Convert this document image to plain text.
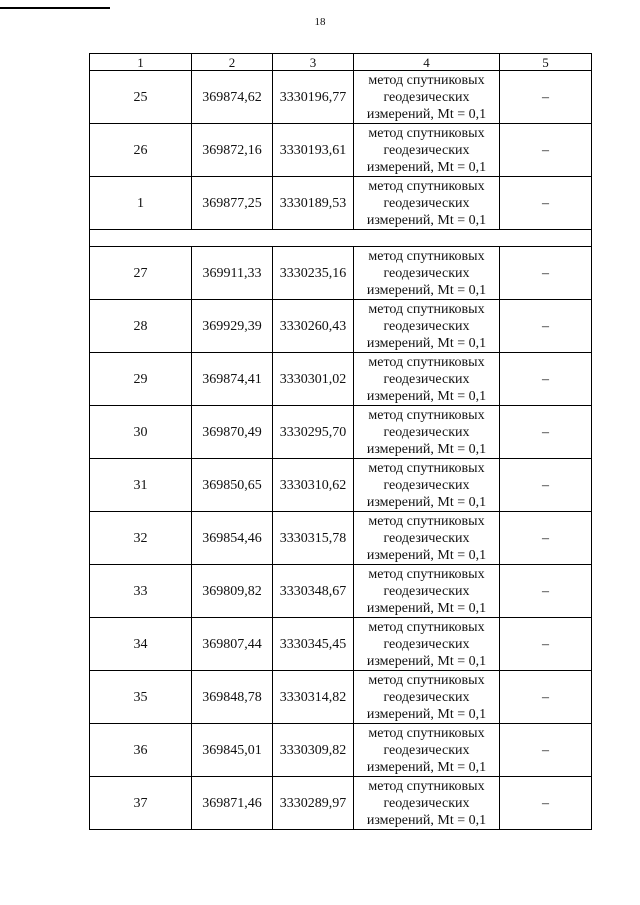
18
1	2	3	4	5
25	369874,62	3330196,77	метод спутниковых
геодезических
измерений, Mt = 0,1	–
26	369872,16	3330193,61	метод спутниковых
геодезических
измерений, Mt = 0,1	–
1	369877,25	3330189,53	метод спутниковых
геодезических
измерений, Mt = 0,1	–

27	369911,33	3330235,16	метод спутниковых
геодезических
измерений, Mt = 0,1	–
28	369929,39	3330260,43	метод спутниковых
геодезических
измерений, Mt = 0,1	–
29	369874,41	3330301,02	метод спутниковых
геодезических
измерений, Mt = 0,1	–
30	369870,49	3330295,70	метод спутниковых
геодезических
измерений, Mt = 0,1	–
31	369850,65	3330310,62	метод спутниковых
геодезических
измерений, Mt = 0,1	–
32	369854,46	3330315,78	метод спутниковых
геодезических
измерений, Mt = 0,1	–
33	369809,82	3330348,67	метод спутниковых
геодезических
измерений, Mt = 0,1	–
34	369807,44	3330345,45	метод спутниковых
геодезических
измерений, Mt = 0,1	–
35	369848,78	3330314,82	метод спутниковых
геодезических
измерений, Mt = 0,1	–
36	369845,01	3330309,82	метод спутниковых
геодезических
измерений, Mt = 0,1	–
37	369871,46	3330289,97	метод спутниковых
геодезических
измерений, Mt = 0,1	–
